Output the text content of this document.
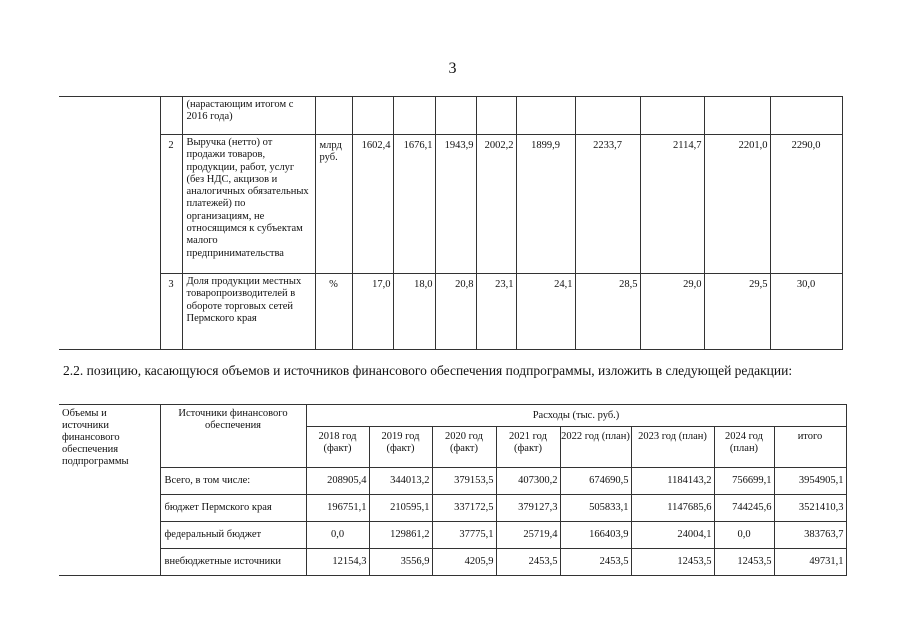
3
		(нарастающим итогом с 2016 года)										
	2	Выручка (нетто) от продажи товаров, продукции, работ, услуг (без НДС, акцизов и аналогичных обязательных платежей) по организациям, не относящимся к субъектам малого предпринимательства	млрд руб.	1602,4	1676,1	1943,9	2002,2	1899,9	2233,7	2114,7	2201,0	2290,0
	3	Доля продукции местных товаропроизводителей в обороте торговых сетей Пермского края	%	17,0	18,0	20,8	23,1	24,1	28,5	29,0	29,5	30,0
2.2. позицию, касающуюся объемов и источников финансового обеспечения подпрограммы, изложить в следующей редакции:
Объемы и источники финансового обеспечения подпрограммы	Источники финансового обеспечения	Расходы (тыс. руб.)							
		2018 год (факт)	2019 год (факт)	2020 год (факт)	2021 год (факт)	2022 год (план)	2023 год (план)	2024 год (план)	итого
	Всего, в том числе:	208905,4	344013,2	379153,5	407300,2	674690,5	1184143,2	756699,1	3954905,1
	бюджет Пермского края	196751,1	210595,1	337172,5	379127,3	505833,1	1147685,6	744245,6	3521410,3
	федеральный бюджет	0,0	129861,2	37775,1	25719,4	166403,9	24004,1	0,0	383763,7
	внебюджетные источники	12154,3	3556,9	4205,9	2453,5	2453,5	12453,5	12453,5	49731,1
